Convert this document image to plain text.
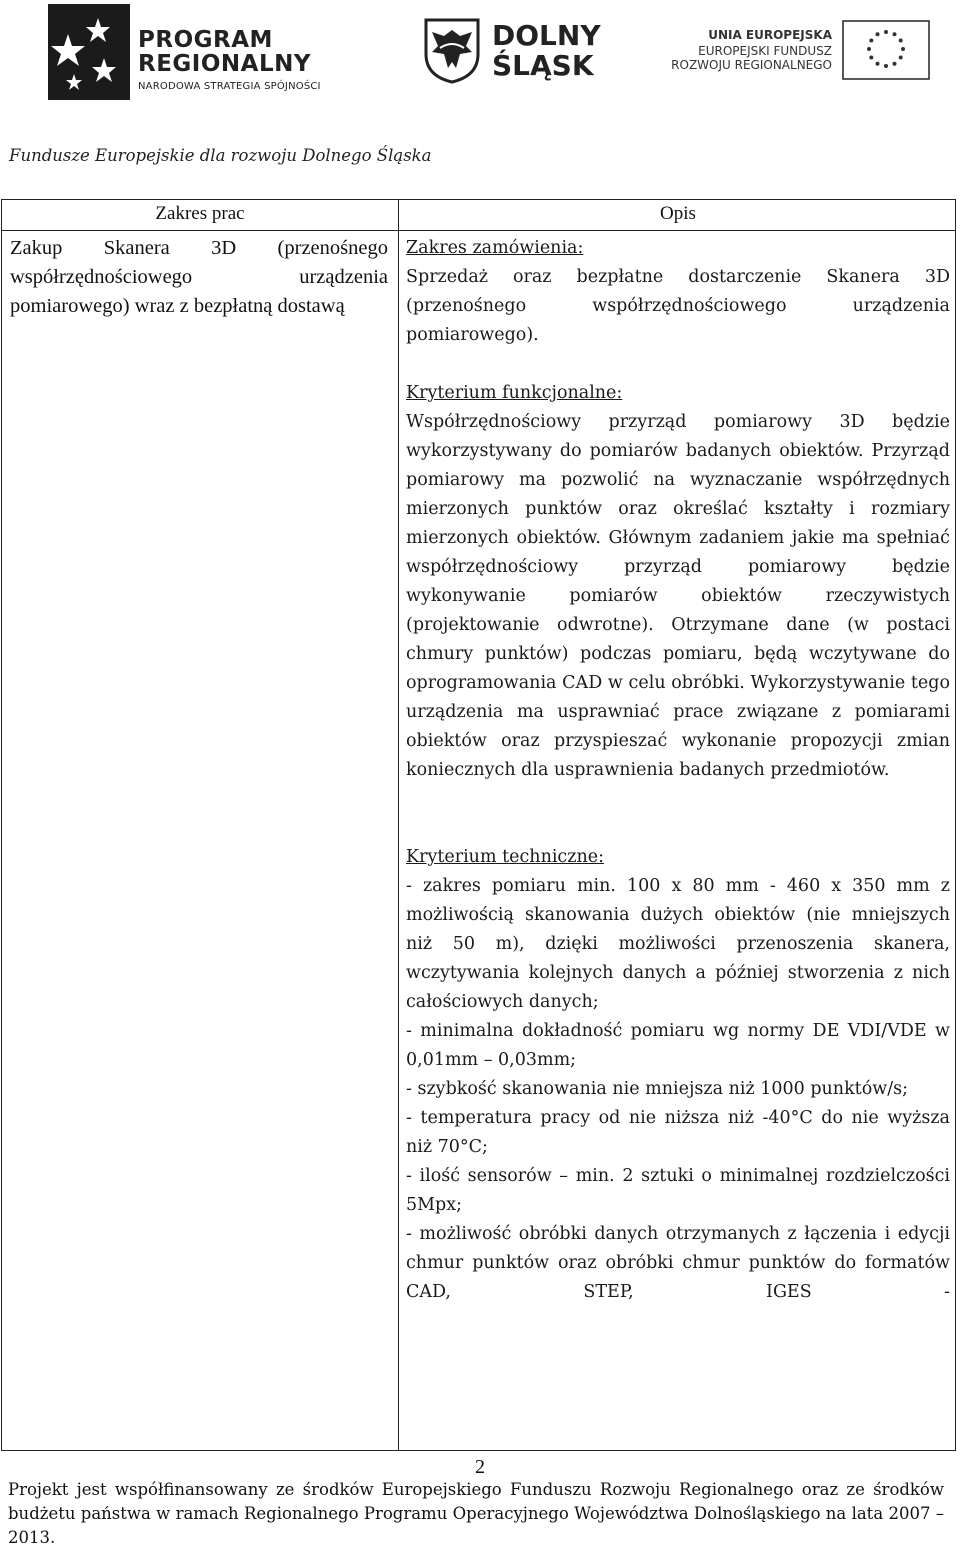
PROGRAM
REGIONALNY
NARODOWA STRATEGIA SPÓJNOŚCI
DOLNY
ŚLĄSK
UNIA EUROPEJSKA
EUROPEJSKI FUNDUSZ
ROZWOJU REGIONALNEGO
Fundusze Europejskie dla rozwoju Dolnego Śląska
Zakres prac	Opis
Zakup Skanera 3D (przenośnego współrzędnościowego urządzenia pomiarowego) wraz z bezpłatną dostawą

Zakres zamówienia:

Sprzedaż oraz bezpłatne dostarczenie Skanera 3D (przenośnego współrzędnościowego urządzenia pomiarowego).

Kryterium funkcjonalne:

Współrzędnościowy przyrząd pomiarowy 3D będzie wykorzystywany do pomiarów badanych obiektów. Przyrząd pomiarowy ma pozwolić na wyznaczanie współrzędnych mierzonych punktów oraz określać kształty i rozmiary mierzonych obiektów. Głównym zadaniem jakie ma spełniać współrzędnościowy przyrząd pomiarowy będzie wykonywanie pomiarów obiektów rzeczywistych (projektowanie odwrotne). Otrzymane dane (w postaci chmury punktów) podczas pomiaru, będą wczytywane do oprogramowania CAD w celu obróbki. Wykorzystywanie tego urządzenia ma usprawniać prace związane z pomiarami obiektów oraz przyspieszać wykonanie propozycji zmian koniecznych dla usprawnienia badanych przedmiotów.

Kryterium techniczne:

- zakres pomiaru min. 100 x 80 mm - 460 x 350 mm z możliwością skanowania dużych obiektów (nie mniejszych niż 50 m), dzięki możliwości przenoszenia skanera, wczytywania kolejnych danych a później stworzenia z nich całościowych danych;
- minimalna dokładność pomiaru wg normy DE VDI/VDE w 0,01mm – 0,03mm;
- szybkość skanowania nie mniejsza niż 1000 punktów/s;
- temperatura pracy od nie niższa niż -40°C do nie wyższa niż 70°C;
- ilość sensorów – min. 2 sztuki o minimalnej rozdzielczości 5Mpx;
- możliwość obróbki danych otrzymanych z łączenia i edycji chmur punktów oraz obróbki chmur punktów do formatów CAD, STEP, IGES -
2
Projekt jest współfinansowany ze środków Europejskiego Funduszu Rozwoju Regionalnego oraz ze środków budżetu państwa w ramach Regionalnego Programu Operacyjnego Województwa Dolnośląskiego na lata 2007 – 2013.
